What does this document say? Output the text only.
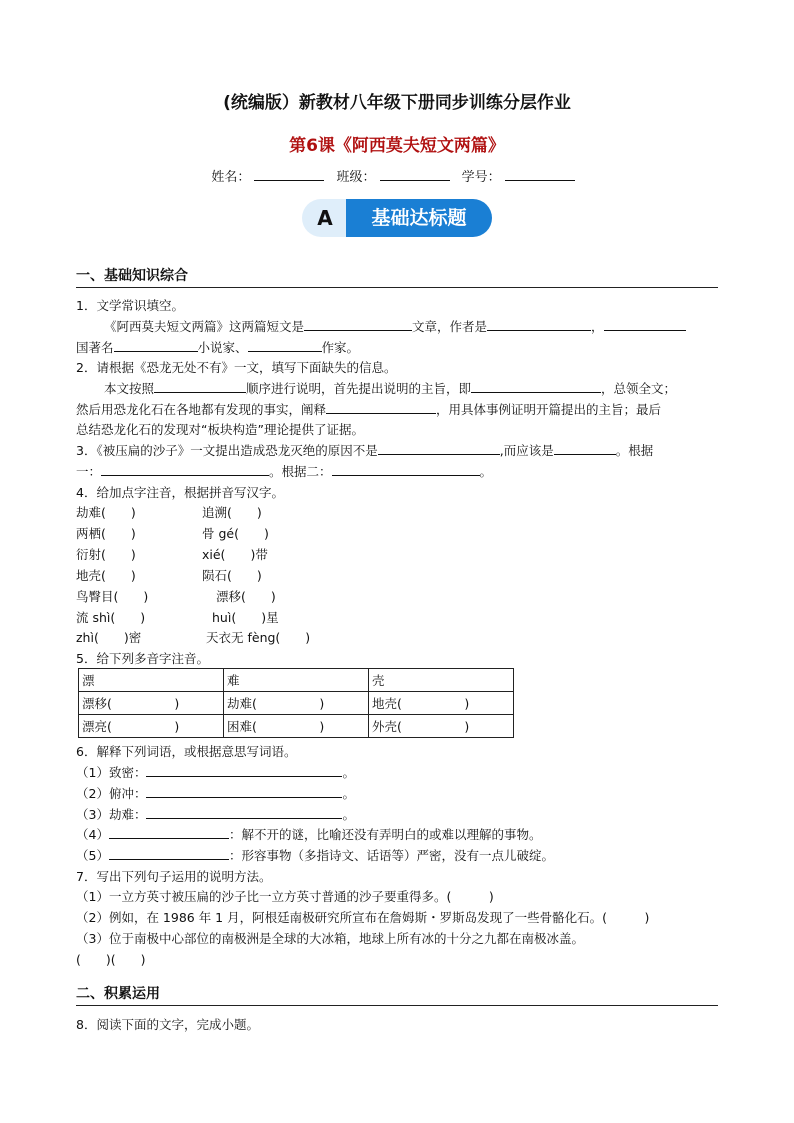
(统编版）新教材八年级下册同步训练分层作业
第6课《阿西莫夫短文两篇》
姓名：	班级：	学号：
A	基础达标题
一、基础知识综合
1．文学常识填空。
《阿西莫夫短文两篇》这两篇短文是	文章，作者是	，
国著名	小说家、	作家。
2．请根据《恐龙无处不有》一文，填写下面缺失的信息。
本文按照	顺序进行说明，首先提出说明的主旨，即	，总领全文；
然后用恐龙化石在各地都有发现的事实，阐释	，用具体事例证明开篇提出的主旨；最后
总结恐龙化石的发现对“板块构造”理论提供了证据。
3．《被压扁的沙子》一文提出造成恐龙灭绝的原因不是	,而应该是	。根据
一：	。根据二：	。
4．给加点字注音，根据拼音写汉字。
劫难(　　)	追溯(　　)
两栖(　　)	骨 gé(　　)
衍射(　　)	xié(　　)带
地壳(　　)	陨石(　　)
鸟臀目(　　)	漂移(　　)
流 shì(　　)	huì(　　)星
zhì(　　)密	天衣无 fèng(　　)
5．给下列多音字注音。
漂	难	壳
漂移(　　　　　)	劫难(　　　　　)	地壳(　　　　　)
漂亮(　　　　　)	困难(　　　　　)	外壳(　　　　　)
6．解释下列词语，或根据意思写词语。
（1）致密：	。
（2）俯冲：	。
（3）劫难：	。
（4）	：解不开的谜，比喻还没有弄明白的或难以理解的事物。
（5）	：形容事物（多指诗文、话语等）严密，没有一点儿破绽。
7．写出下列句子运用的说明方法。
（1）一立方英寸被压扁的沙子比一立方英寸普通的沙子要重得多。(　　　)
（2）例如，在 1986 年 1 月，阿根廷南极研究所宣布在詹姆斯・罗斯岛发现了一些骨骼化石。(　　　)
（3）位于南极中心部位的南极洲是全球的大冰箱，地球上所有冰的十分之九都在南极冰盖。
(　　)(　　)
二、积累运用
8．阅读下面的文字，完成小题。
